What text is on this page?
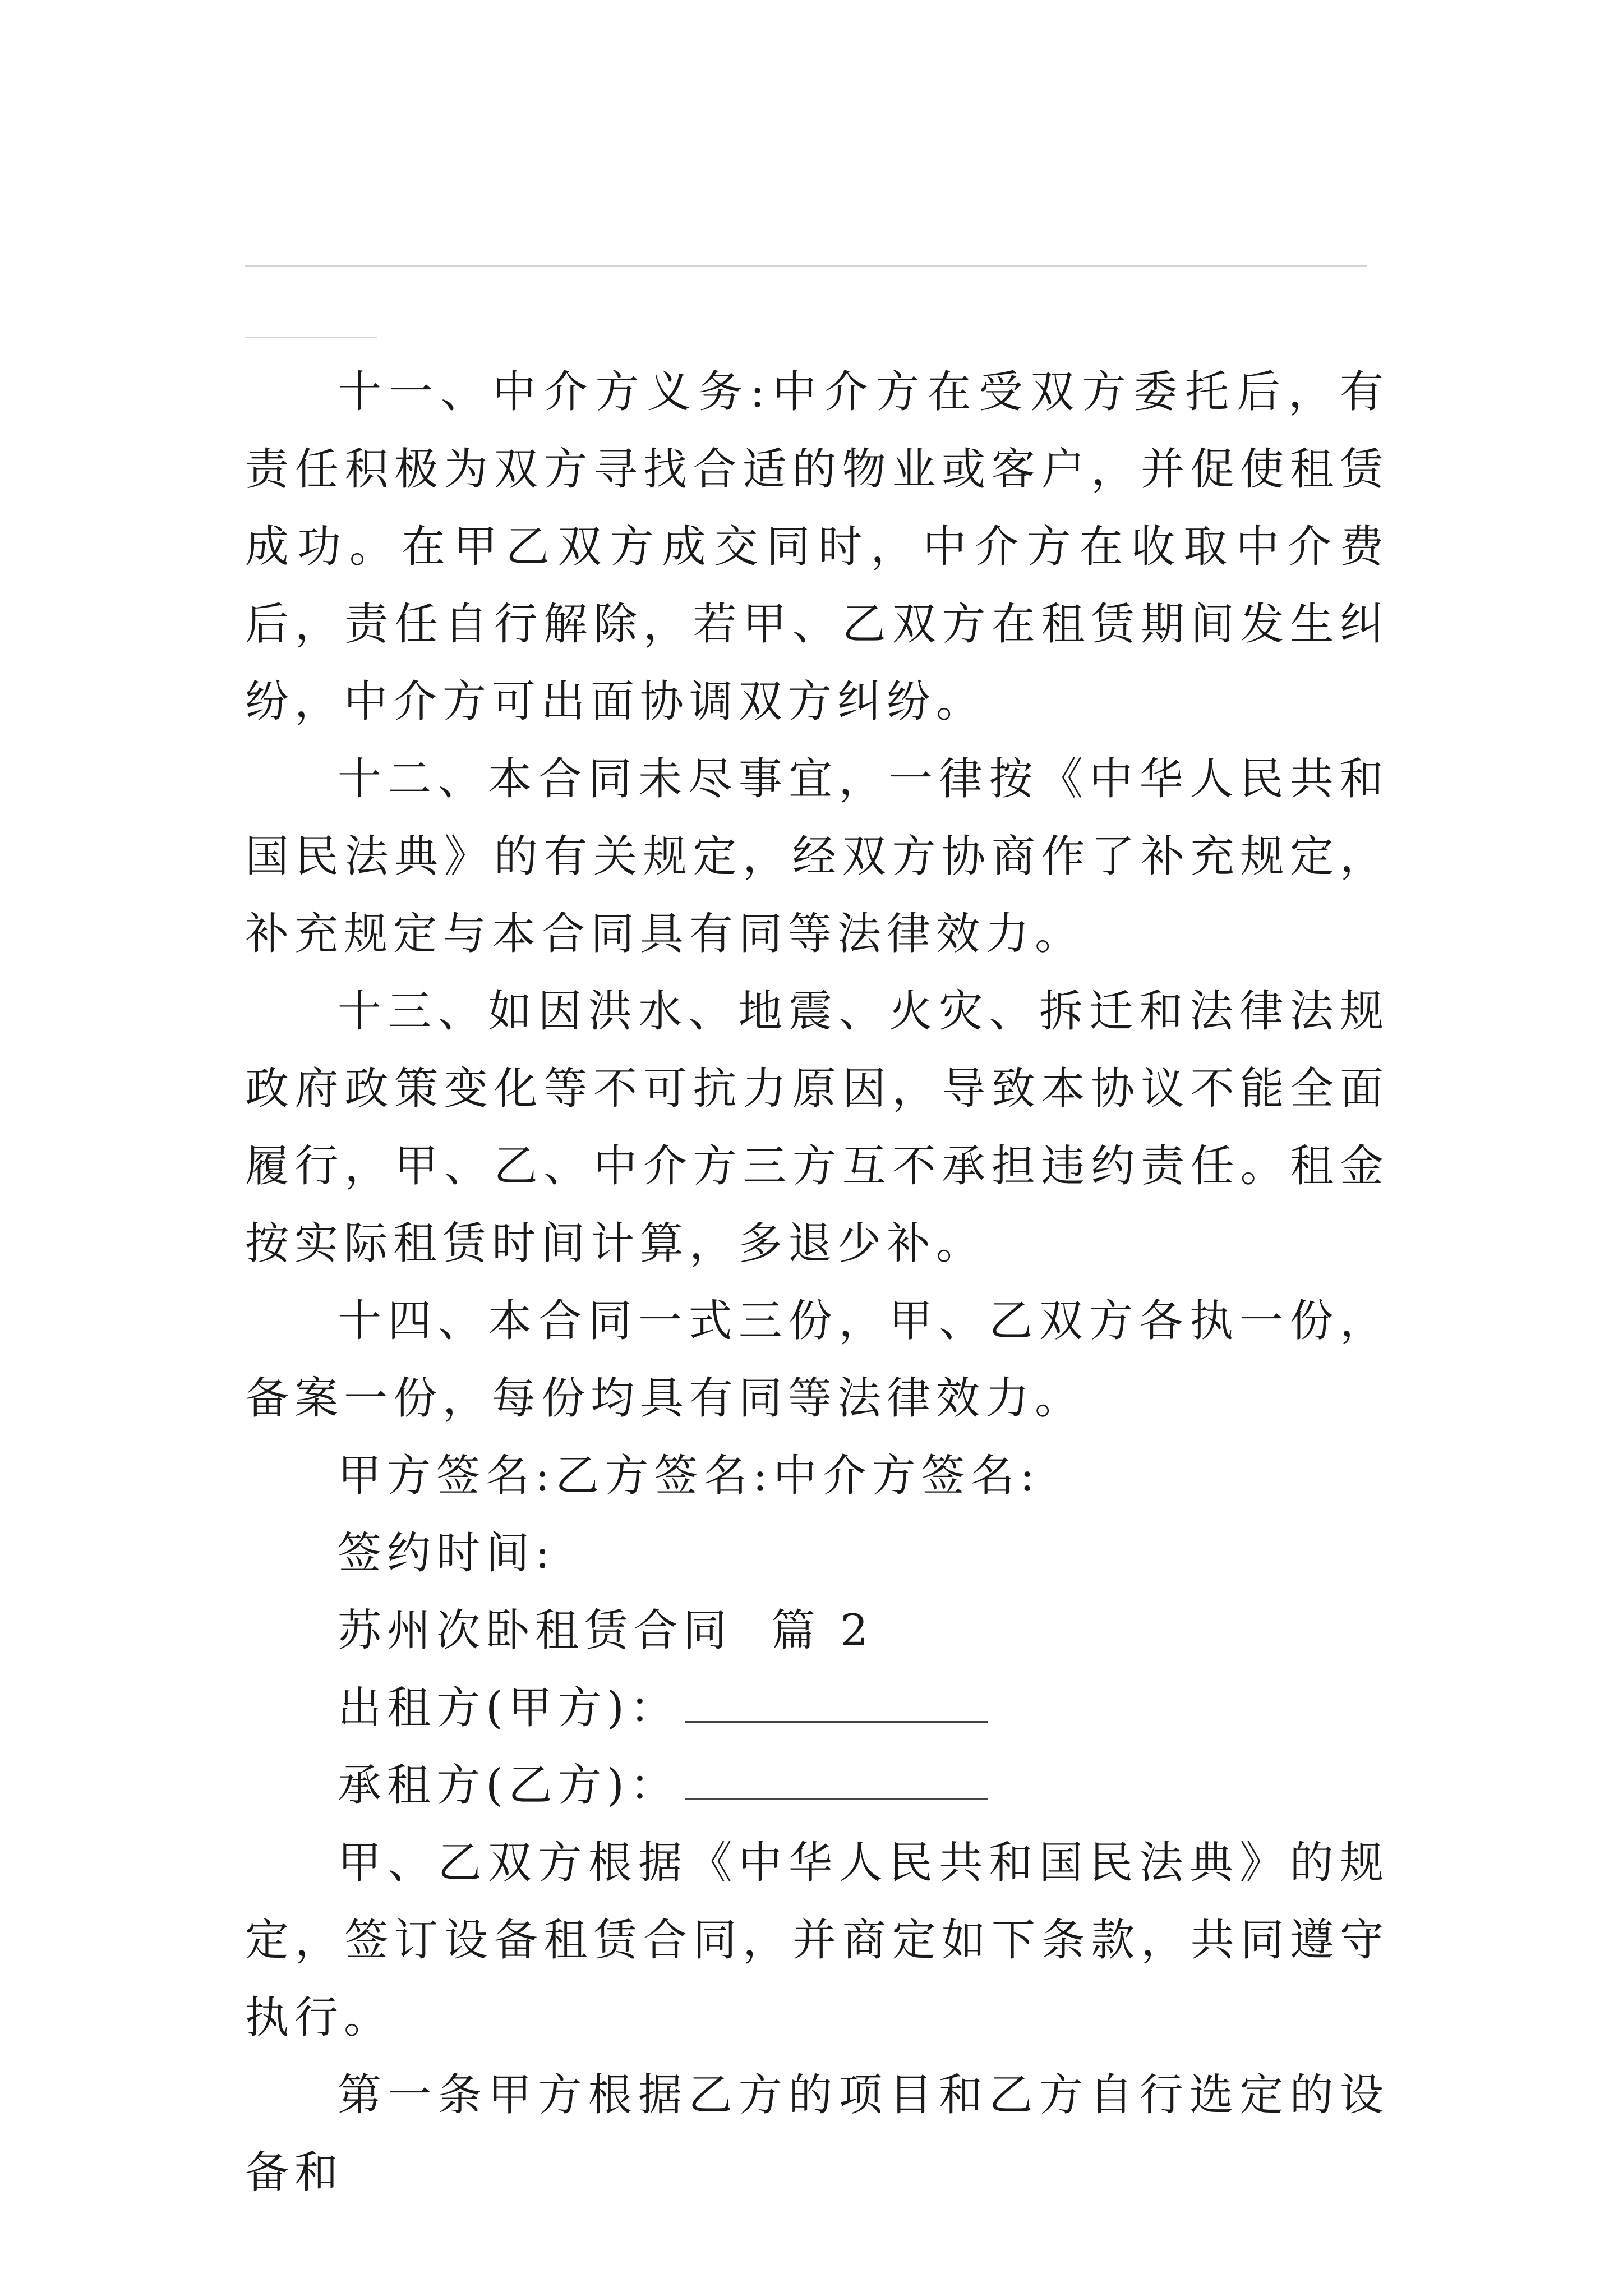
十一、中介方义务:中介方在受双方委托后，有责任积极为双方寻找合适的物业或客户，并促使租赁成功。在甲乙双方成交同时，中介方在收取中介费后，责任自行解除，若甲、乙双方在租赁期间发生纠纷，中介方可出面协调双方纠纷。

十二、本合同未尽事宜，一律按《中华人民共和国民法典》的有关规定，经双方协商作了补充规定，补充规定与本合同具有同等法律效力。

十三、如因洪水、地震、火灾、拆迁和法律法规政府政策变化等不可抗力原因，导致本协议不能全面履行，甲、乙、中介方三方互不承担违约责任。租金按实际租赁时间计算，多退少补。

十四、本合同一式三份，甲、乙双方各执一份，备案一份，每份均具有同等法律效力。

甲方签名:乙方签名:中介方签名:

签约时间:

苏州次卧租赁合同  篇 2

出租方(甲方)：

承租方(乙方)：

甲、乙双方根据《中华人民共和国民法典》的规定，签订设备租赁合同，并商定如下条款，共同遵守执行。

第一条甲方根据乙方的项目和乙方自行选定的设备和
